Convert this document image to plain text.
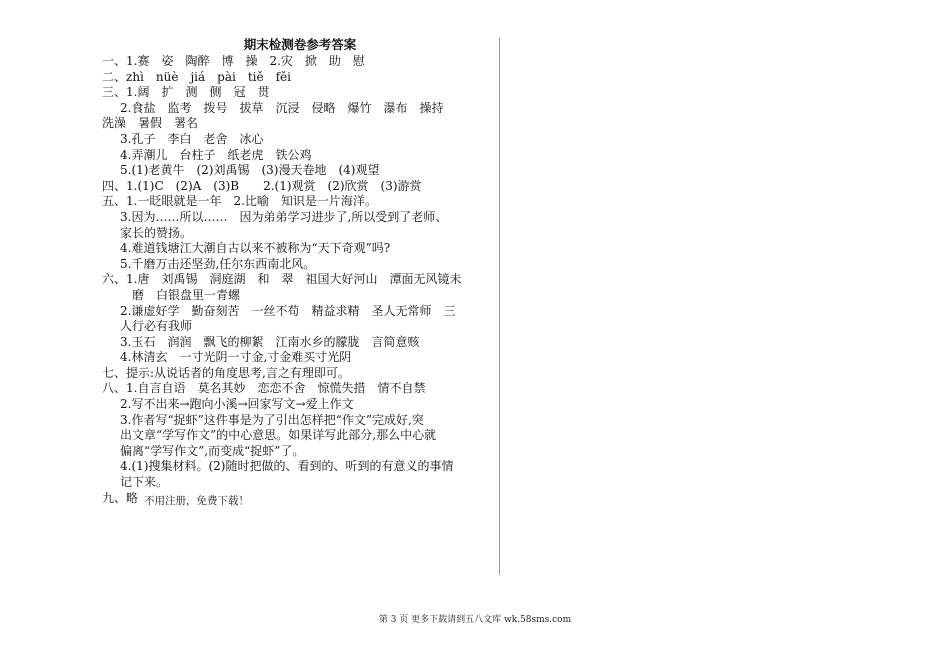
期末检测卷参考答案
一、1.赛　姿　陶醉　博　操　2.灾　掀　助　慰
二、zhì　nüè　jiá　pài　tiě　fěi
三、1.阔　扩　测　侧　冠　贯
2.食盐　监考　拨号　拔草　沉浸　侵略　爆竹　瀑布　操持
洗澡　暑假　署名
3.孔子　李白　老舍　冰心
4.弄潮儿　台柱子　纸老虎　铁公鸡
5.(1)老黄牛　(2)刘禹锡　(3)漫天卷地　(4)观望
四、1.(1)C　(2)A　(3)B　　2.(1)观赏　(2)欣赏　(3)游赏
五、1.一眨眼就是一年　2.比喻　知识是一片海洋。
3.因为……所以……　因为弟弟学习进步了,所以受到了老师、
家长的赞扬。
4.难道钱塘江大潮自古以来不被称为“天下奇观”吗?
5.千磨万击还坚劲,任尔东西南北风。
六、1.唐　刘禹锡　洞庭湖　和　翠　祖国大好河山　潭面无风镜未
磨　白银盘里一青螺
2.谦虚好学　勤奋刻苦　一丝不苟　精益求精　圣人无常师　三
人行必有我师
3.玉石　润润　飘飞的柳絮　江南水乡的朦胧　言简意赅
4.林清玄　一寸光阴一寸金,寸金难买寸光阴
七、提示:从说话者的角度思考,言之有理即可。
八、1.自言自语　莫名其妙　恋恋不舍　惊慌失措　情不自禁
2.写不出来→跑向小溪→回家写文→爱上作文
3.作者写“捉虾”这件事是为了引出怎样把“作文”完成好,突
出文章“学写作文”的中心意思。如果详写此部分,那么中心就
偏离“学写作文”,而变成“捉虾”了。
4.(1)搜集材料。(2)随时把做的、看到的、听到的有意义的事情
记下来。
九、略 不用注册，免费下载！
第 3 页 更多下载请到五八文库 wk.58sms.com
